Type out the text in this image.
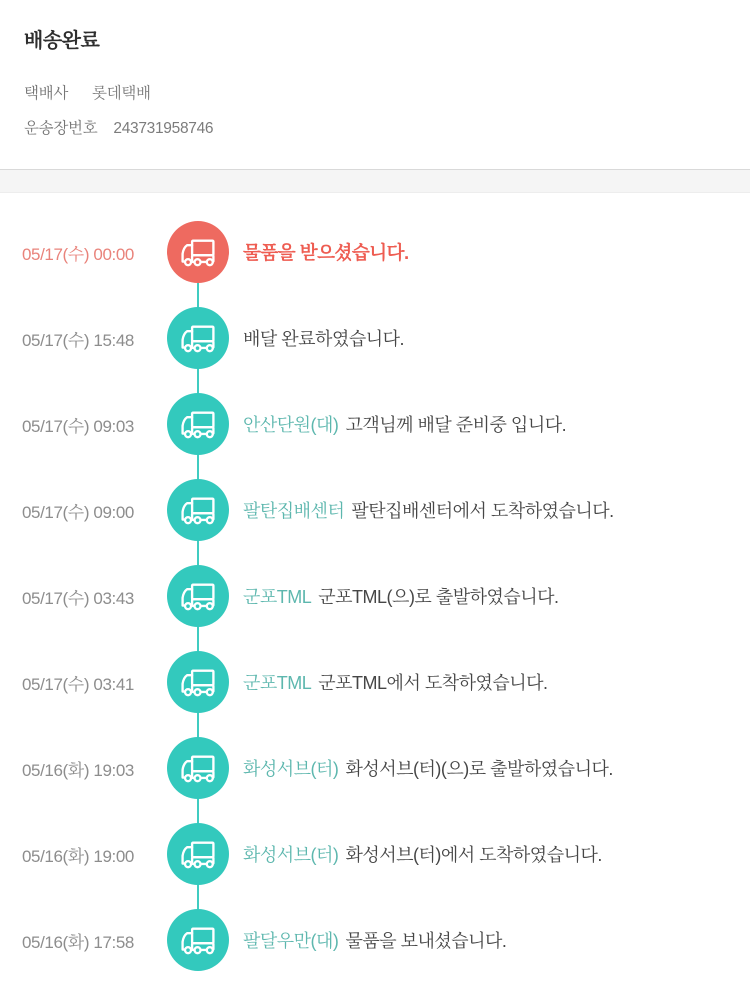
배송완료
택배사 롯데택배
운송장번호 243731958746
05/17(수) 00:00	물품을 받으셨습니다.
05/17(수) 15:48	배달 완료하였습니다.
05/17(수) 09:03	안산단원(대) 고객님께 배달 준비중 입니다.
05/17(수) 09:00	팔탄집배센터 팔탄집배센터에서 도착하였습니다.
05/17(수) 03:43	군포TML 군포TML(으)로 출발하였습니다.
05/17(수) 03:41	군포TML 군포TML에서 도착하였습니다.
05/16(화) 19:03	화성서브(터) 화성서브(터)(으)로 출발하였습니다.
05/16(화) 19:00	화성서브(터) 화성서브(터)에서 도착하였습니다.
05/16(화) 17:58	팔달우만(대) 물품을 보내셨습니다.
